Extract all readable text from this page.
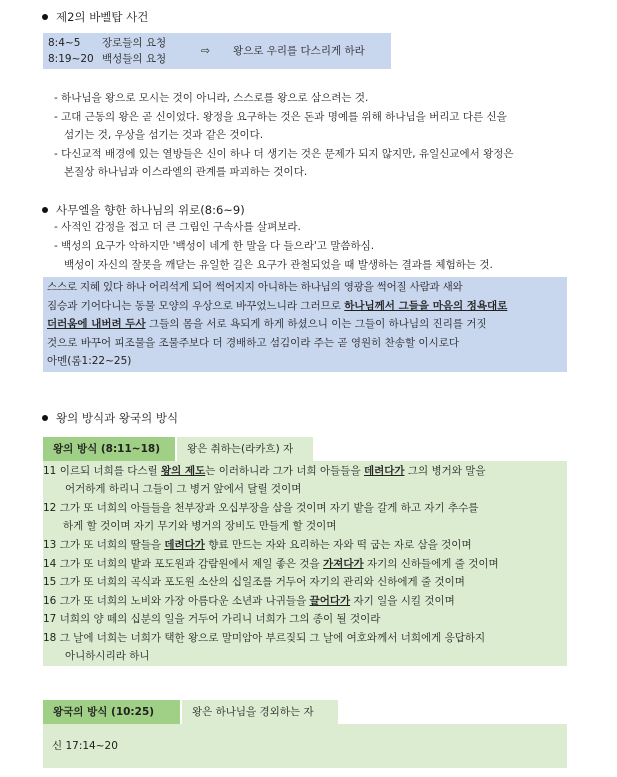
제2의 바벨탑 사건
8:4~5 장로들의 요청
8:19~20 백성들의 요청
⇨ 왕으로 우리를 다스리게 하라
- 하나님을 왕으로 모시는 것이 아니라, 스스로를 왕으로 삼으려는 것.
- 고대 근동의 왕은 곧 신이었다. 왕정을 요구하는 것은 돈과 명예를 위해 하나님을 버리고 다른 신을
섬기는 것, 우상을 섬기는 것과 같은 것이다.
- 다신교적 배경에 있는 열방들은 신이 하나 더 생기는 것은 문제가 되지 않지만, 유일신교에서 왕정은
본질상 하나님과 이스라엘의 관계를 파괴하는 것이다.
사무엘을 향한 하나님의 위로(8:6~9)
- 사적인 감정을 접고 더 큰 그림인 구속사를 살펴보라.
- 백성의 요구가 악하지만 '백성이 네게 한 말을 다 들으라'고 말씀하심.
백성이 자신의 잘못을 깨닫는 유일한 길은 요구가 관철되었을 때 발생하는 결과를 체험하는 것.
스스로 지혜 있다 하나 어리석게 되어 썩어지지 아니하는 하나님의 영광을 썩어질 사람과 새와
짐승과 기어다니는 동물 모양의 우상으로 바꾸었느니라 그러므로 하나님께서 그들을 마음의 정욕대로
더러움에 내버려 두사 그들의 몸을 서로 욕되게 하게 하셨으니 이는 그들이 하나님의 진리를 거짓
것으로 바꾸어 피조물을 조물주보다 더 경배하고 섬김이라 주는 곧 영원히 찬송할 이시로다
아멘(롬1:22~25)
왕의 방식과 왕국의 방식
왕의 방식 (8:11~18)	왕은 취하는(라카흐) 자
11 이르되 너희를 다스릴 왕의 제도는 이러하니라 그가 너희 아들들을 데려다가 그의 병거와 말을
어거하게 하리니 그들이 그 병거 앞에서 달릴 것이며
12 그가 또 너희의 아들들을 천부장과 오십부장을 삼을 것이며 자기 밭을 갈게 하고 자기 추수를
하게 할 것이며 자기 무기와 병거의 장비도 만들게 할 것이며
13 그가 또 너희의 딸들을 데려다가 향료 만드는 자와 요리하는 자와 떡 굽는 자로 삼을 것이며
14 그가 또 너희의 밭과 포도원과 감람원에서 제일 좋은 것을 가져다가 자기의 신하들에게 줄 것이며
15 그가 또 너희의 곡식과 포도원 소산의 십일조를 거두어 자기의 관리와 신하에게 줄 것이며
16 그가 또 너희의 노비와 가장 아름다운 소년과 나귀들을 끌어다가 자기 일을 시킬 것이며
17 너희의 양 떼의 십분의 일을 거두어 가리니 너희가 그의 종이 될 것이라
18 그 날에 너희는 너희가 택한 왕으로 말미암아 부르짖되 그 날에 여호와께서 너희에게 응답하지
아니하시리라 하니
왕국의 방식 (10:25)	왕은 하나님을 경외하는 자
신 17:14~20
